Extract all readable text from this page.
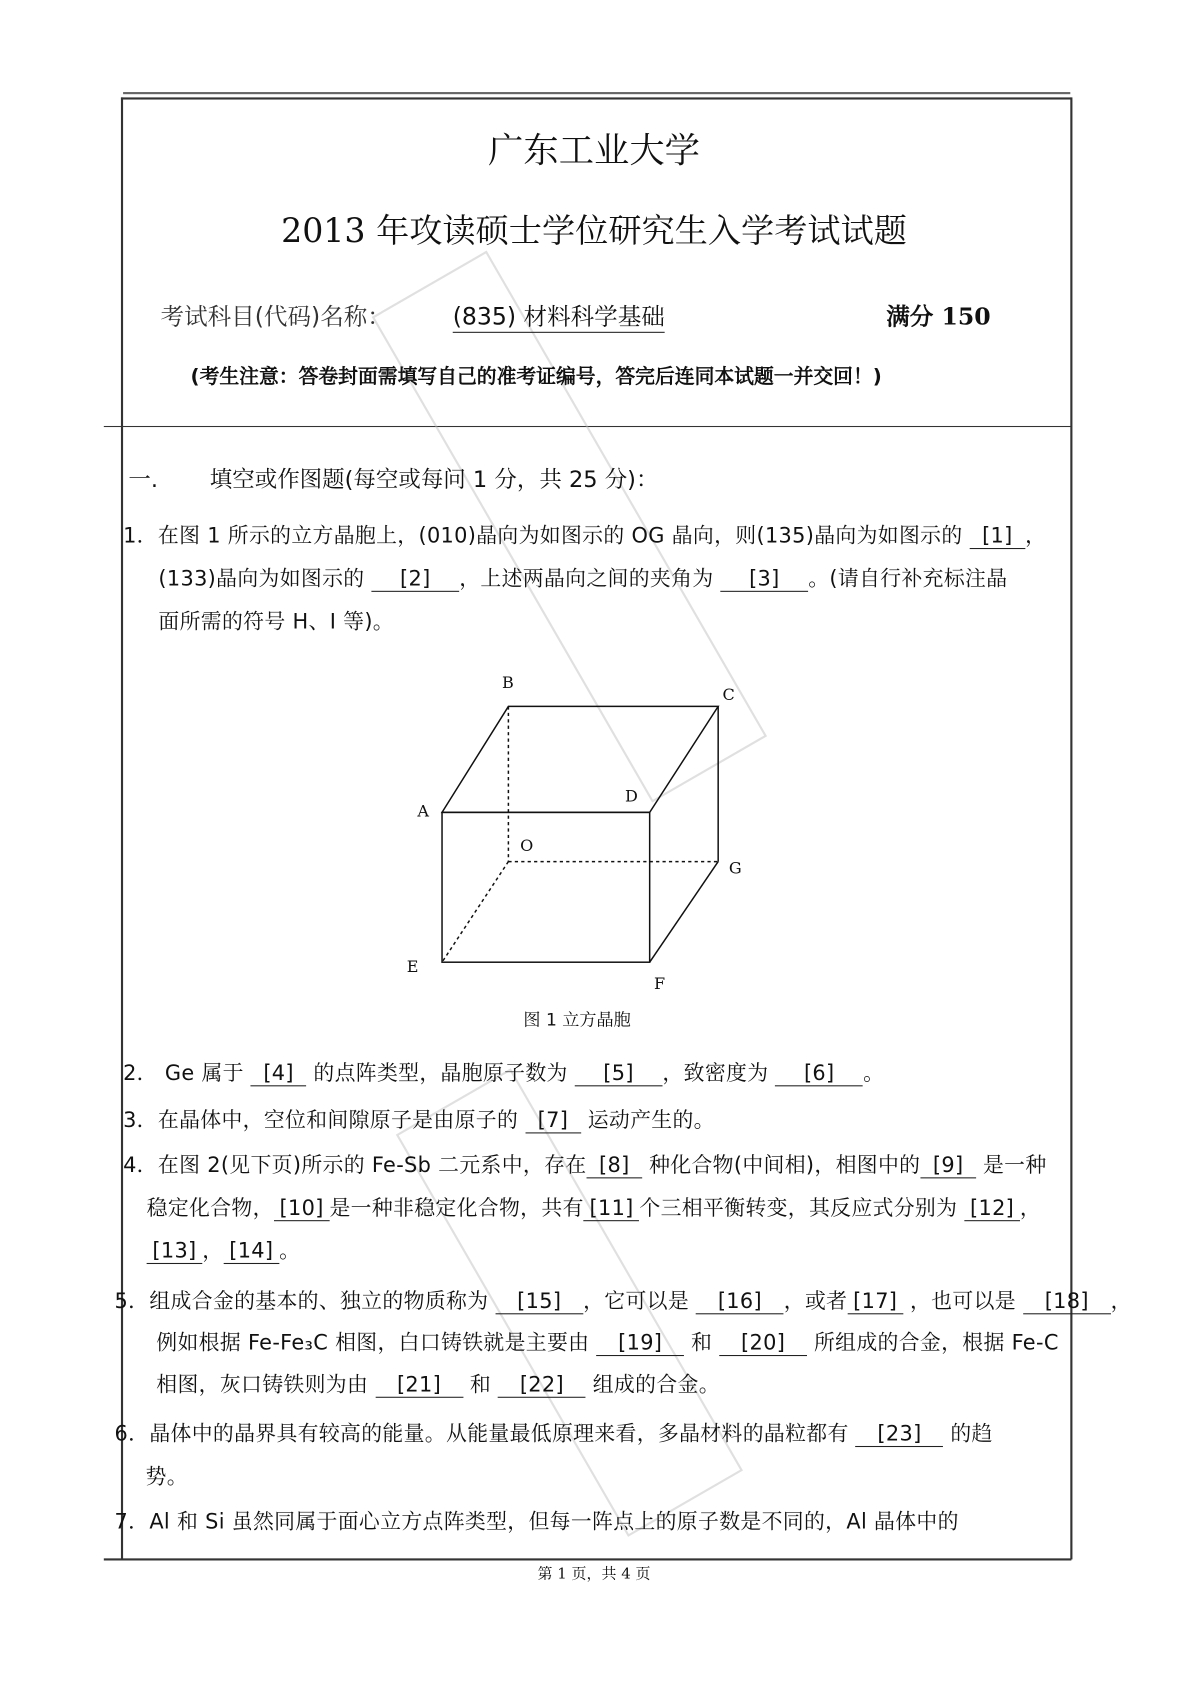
广东工业大学
2013 年攻读硕士学位研究生入学考试试题
考试科目(代码)名称：	(835) 材料科学基础	满分 150
(考生注意：答卷封面需填写自己的准考证编号，答完后连同本试题一并交回！)
一. 填空或作图题(每空或每问 1 分，共 25 分)：
1．在图 1 所示的立方晶胞上，(010)晶向为如图示的 OG 晶向，则(135)晶向为如图示的 [1] ，
(133)晶向为如图示的 [2] ，上述两晶向之间的夹角为 [3] 。(请自行补充标注晶
面所需的符号 H、I 等)。
2． Ge 属于 [4] 的点阵类型，晶胞原子数为 [5] ，致密度为 [6] 。
3．在晶体中，空位和间隙原子是由原子的 [7] 运动产生的。
4．在图 2(见下页)所示的 Fe-Sb 二元系中，存在 [8] 种化合物(中间相)，相图中的 [9] 是一种
稳定化合物， [10] 是一种非稳定化合物，共有 [11] 个三相平衡转变，其反应式分别为 [12] ，
[13] ， [14] 。
5．组成合金的基本的、独立的物质称为 [15] ，它可以是 [16] ，或者 [17] ，也可以是 [18] ，
例如根据 Fe-Fe₃C 相图，白口铸铁就是主要由 [19] 和 [20] 所组成的合金，根据 Fe-C
相图，灰口铸铁则为由 [21] 和 [22] 组成的合金。
6．晶体中的晶界具有较高的能量。从能量最低原理来看，多晶材料的晶粒都有 [23] 的趋
势。
7．Al 和 Si 虽然同属于面心立方点阵类型，但每一阵点上的原子数是不同的，Al 晶体中的
B
C
A
D
O
G
E
F
图 1 立方晶胞
第 1 页，共 4 页
